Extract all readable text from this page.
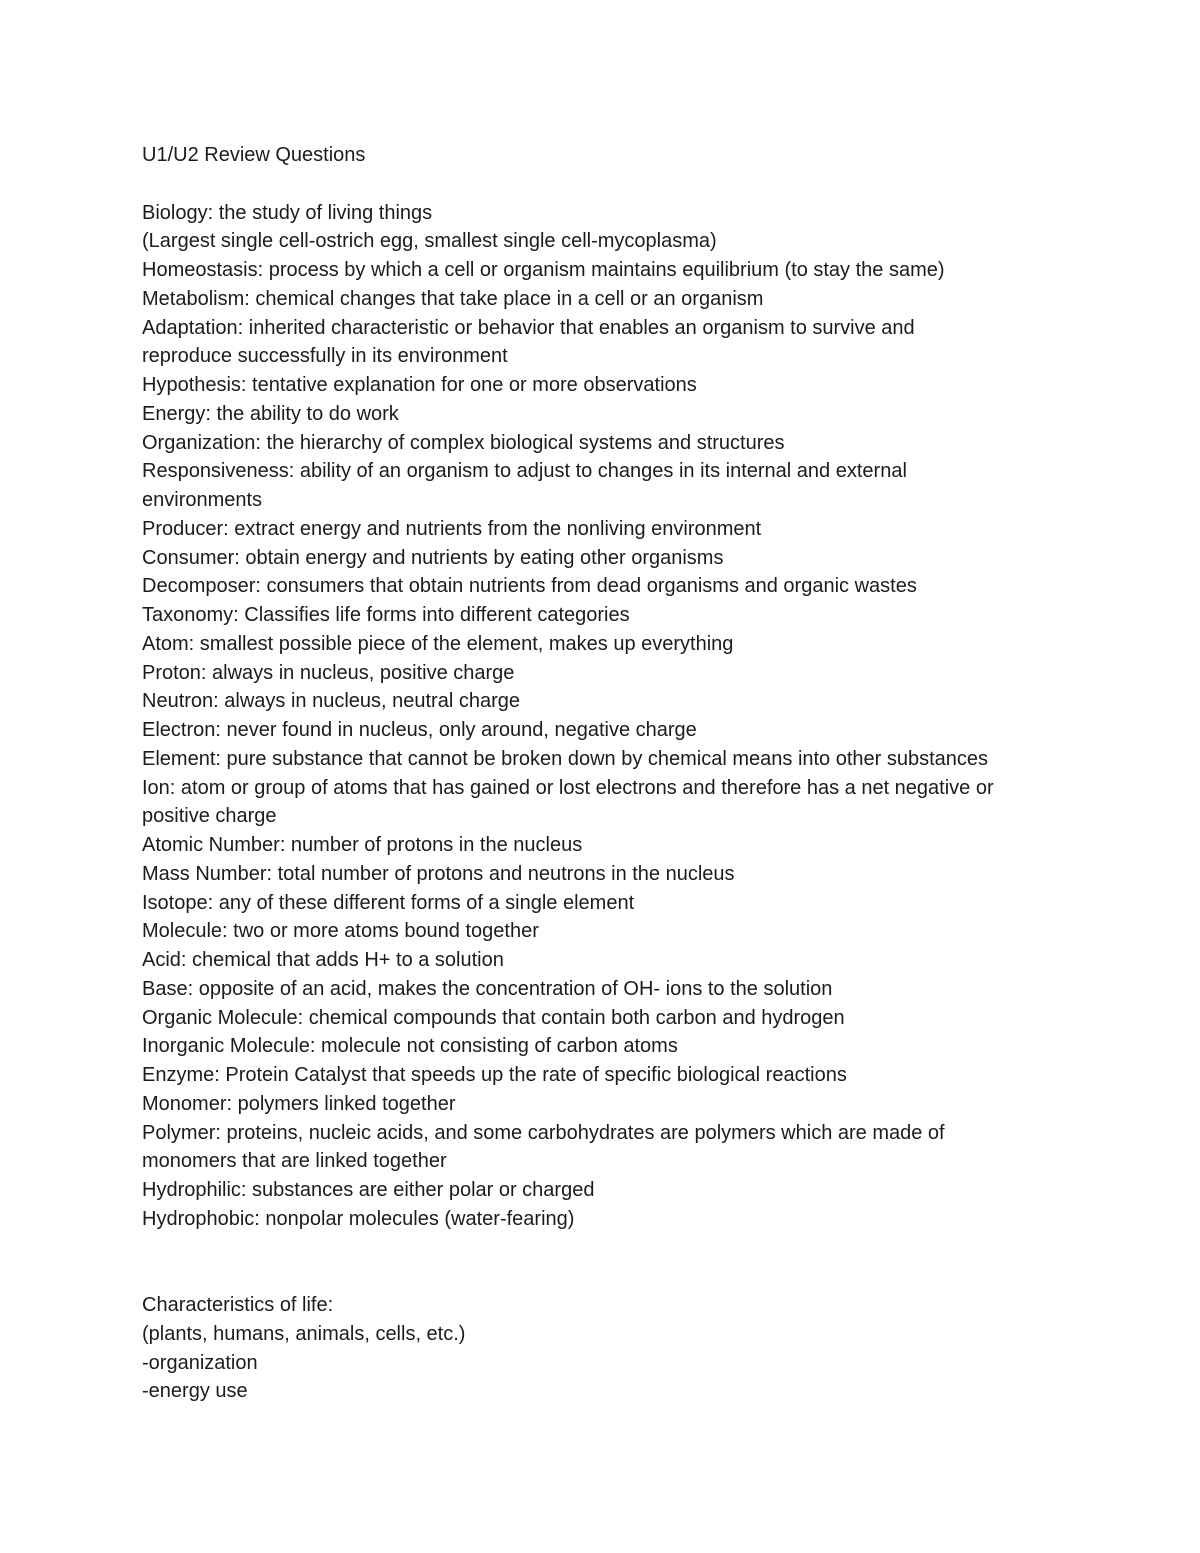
U1/U2 Review Questions
Biology: the study of living things
(Largest single cell-ostrich egg, smallest single cell-mycoplasma)
Homeostasis: process by which a cell or organism maintains equilibrium (to stay the same)
Metabolism: chemical changes that take place in a cell or an organism
Adaptation: inherited characteristic or behavior that enables an organism to survive and
reproduce successfully in its environment
Hypothesis: tentative explanation for one or more observations
Energy: the ability to do work
Organization: the hierarchy of complex biological systems and structures
Responsiveness: ability of an organism to adjust to changes in its internal and external
environments
Producer: extract energy and nutrients from the nonliving environment
Consumer: obtain energy and nutrients by eating other organisms
Decomposer: consumers that obtain nutrients from dead organisms and organic wastes
Taxonomy: Classifies life forms into different categories
Atom: smallest possible piece of the element, makes up everything
Proton: always in nucleus, positive charge
Neutron: always in nucleus, neutral charge
Electron: never found in nucleus, only around, negative charge
Element: pure substance that cannot be broken down by chemical means into other substances
Ion: atom or group of atoms that has gained or lost electrons and therefore has a net negative or
positive charge
Atomic Number: number of protons in the nucleus
Mass Number: total number of protons and neutrons in the nucleus
Isotope: any of these different forms of a single element
Molecule: two or more atoms bound together
Acid: chemical that adds H+ to a solution
Base: opposite of an acid, makes the concentration of OH- ions to the solution
Organic Molecule: chemical compounds that contain both carbon and hydrogen
Inorganic Molecule: molecule not consisting of carbon atoms
Enzyme: Protein Catalyst that speeds up the rate of specific biological reactions
Monomer: polymers linked together
Polymer: proteins, nucleic acids, and some carbohydrates are polymers which are made of
monomers that are linked together
Hydrophilic: substances are either polar or charged
Hydrophobic: nonpolar molecules (water-fearing)
Characteristics of life:
(plants, humans, animals, cells, etc.)
-organization
-energy use
